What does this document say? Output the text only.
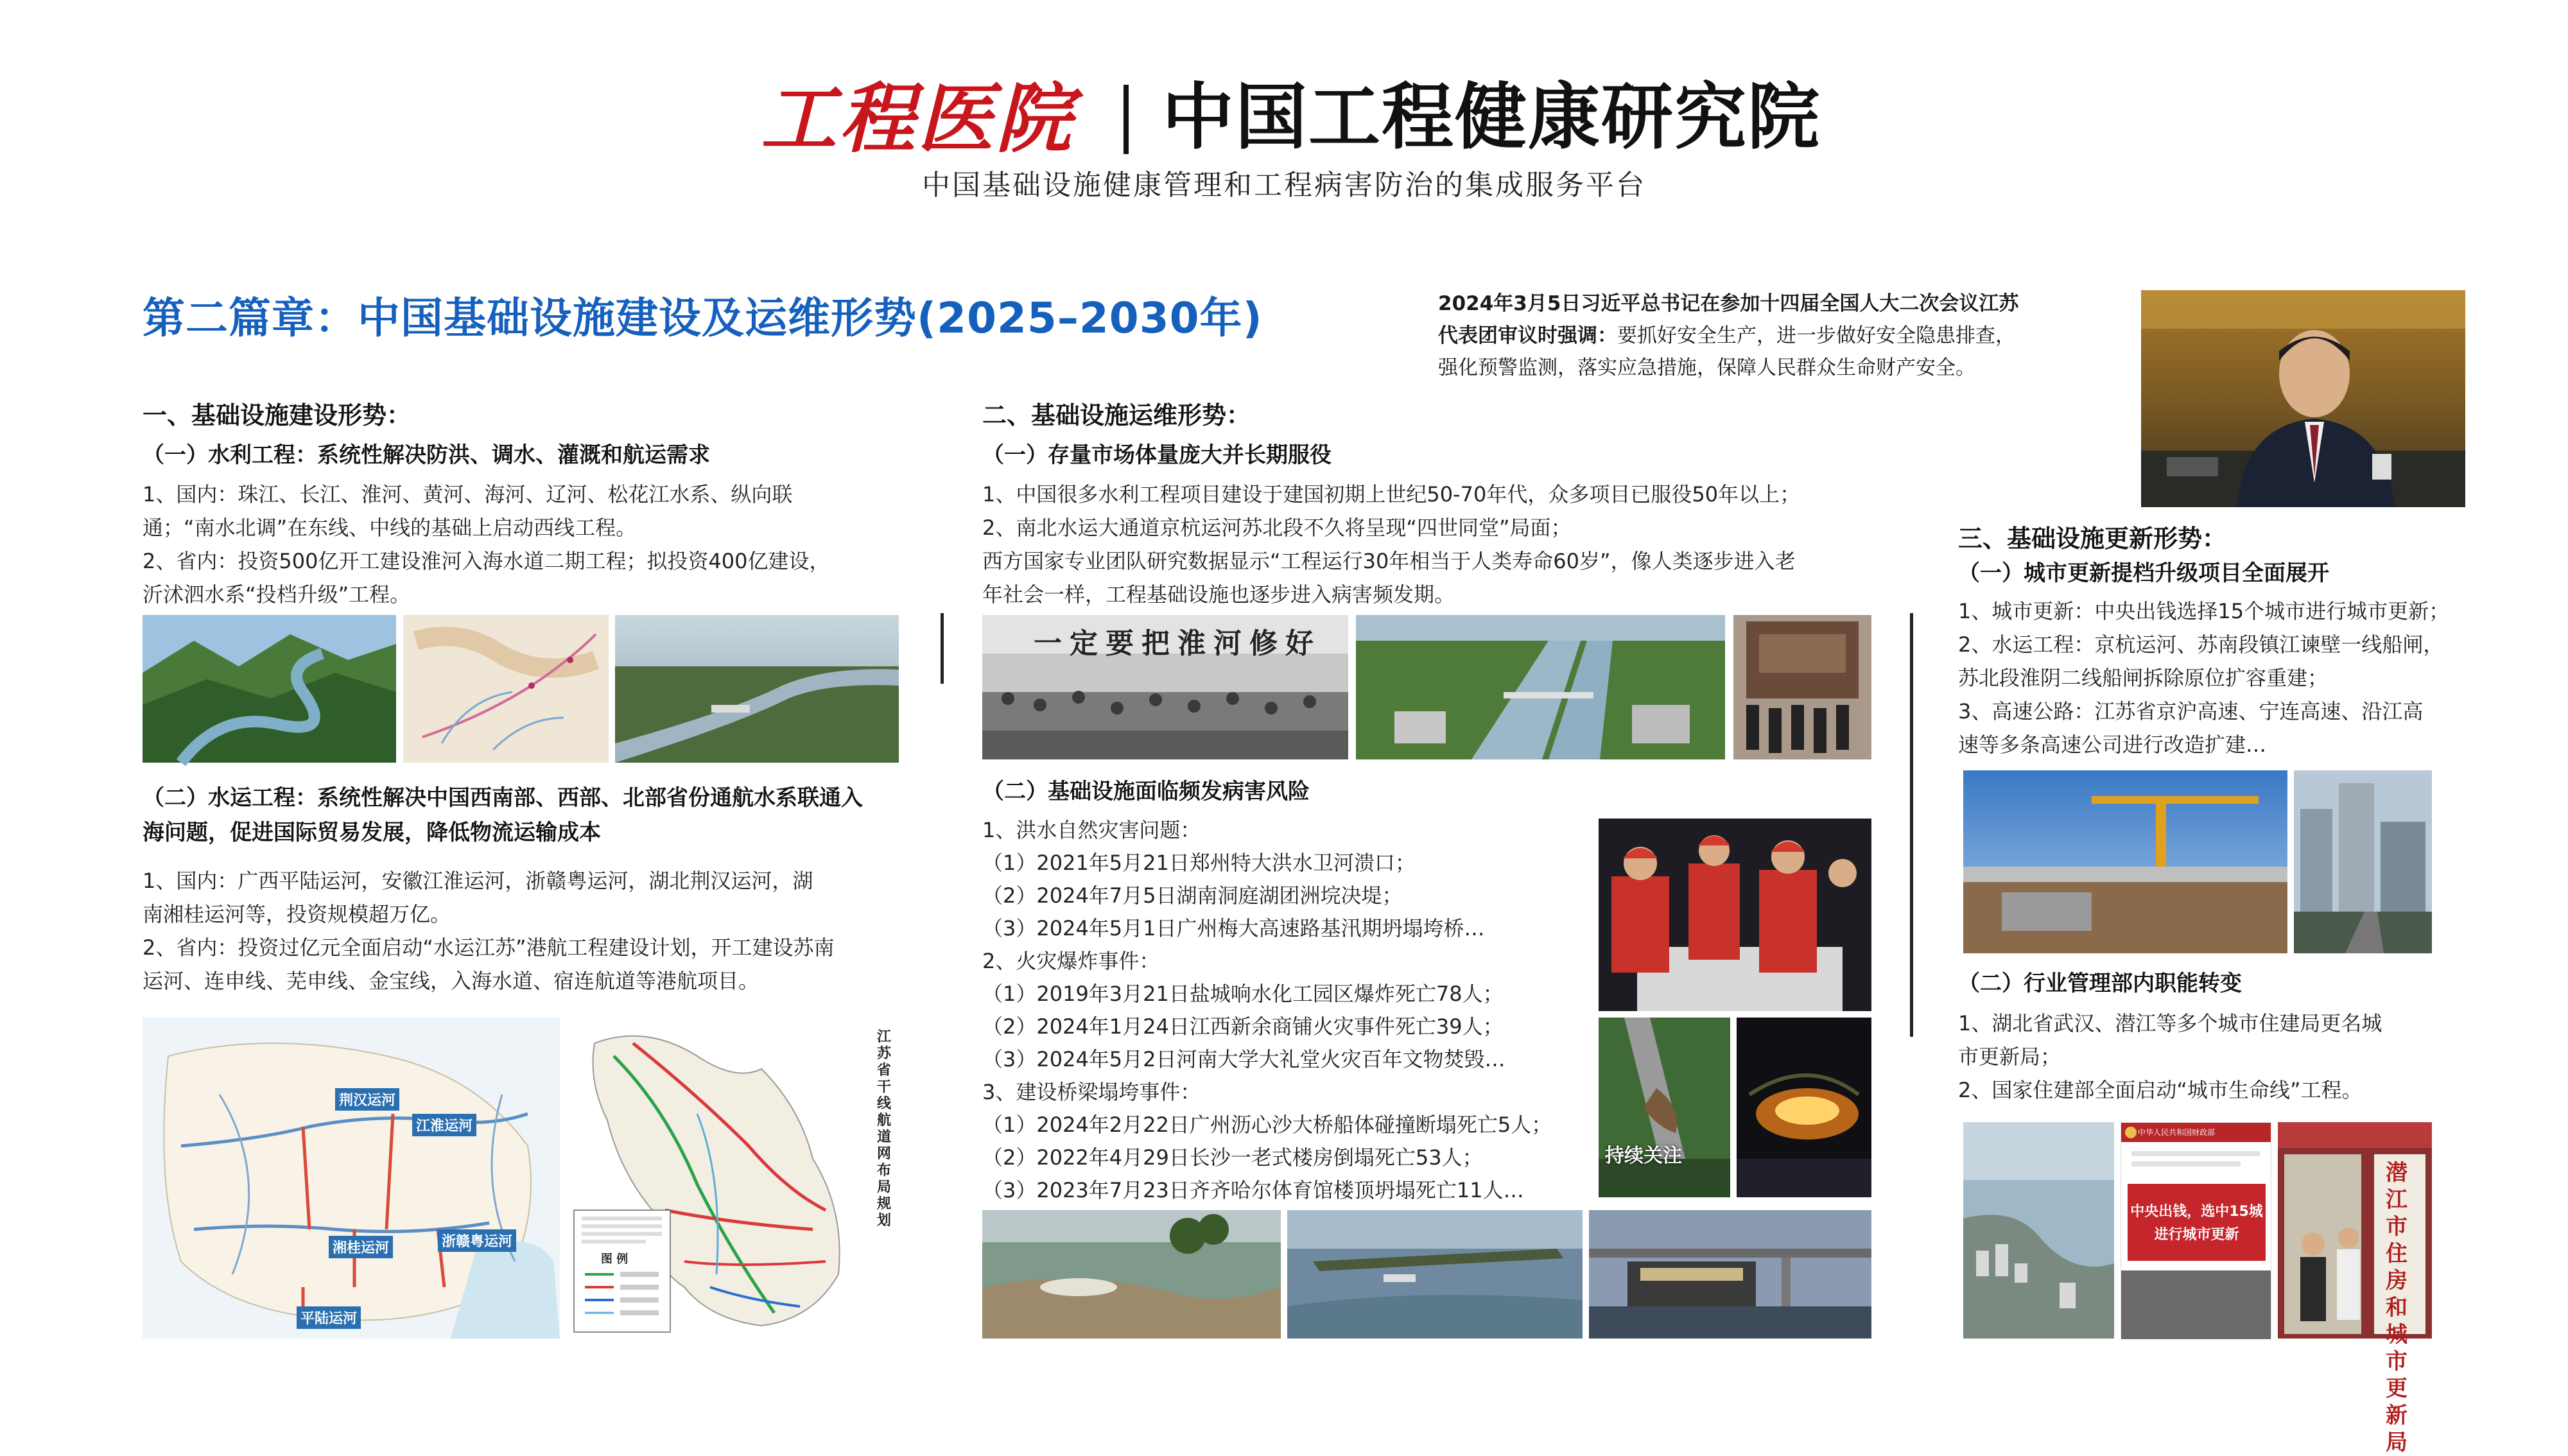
工程医院 中国工程健康研究院
中国基础设施健康管理和工程病害防治的集成服务平台
第二篇章：中国基础设施建设及运维形势(2025–2030年)	2024年3月5日习近平总书记在参加十四届全国人大二次会议江苏
代表团审议时强调：要抓好安全生产，进一步做好安全隐患排查，
强化预警监测，落实应急措施，保障人民群众生命财产安全。
一、基础设施建设形势：
（一）水利工程：系统性解决防洪、调水、灌溉和航运需求
1、国内：珠江、长江、淮河、黄河、海河、辽河、松花江水系、纵向联
通；“南水北调”在东线、中线的基础上启动西线工程。
2、省内：投资500亿开工建设淮河入海水道二期工程；拟投资400亿建设，
沂沭泗水系“投档升级”工程。
（二）水运工程：系统性解决中国西南部、西部、北部省份通航水系联通入
海问题，促进国际贸易发展，降低物流运输成本
1、国内：广西平陆运河，安徽江淮运河，浙赣粤运河，湖北荆汉运河，湖
南湘桂运河等，投资规模超万亿。
2、省内：投资过亿元全面启动“水运江苏”港航工程建设计划，开工建设苏南
运河、连申线、芜申线、金宝线，入海水道、宿连航道等港航项目。
荆汉运河
江淮运河
湘桂运河	浙赣粤运河
平陆运河
图 例
江苏省干线航道网布局规划
二、基础设施运维形势：
（一）存量市场体量庞大并长期服役
1、中国很多水利工程项目建设于建国初期上世纪50-70年代，众多项目已服役50年以上；
2、南北水运大通道京杭运河苏北段不久将呈现“四世同堂”局面；
西方国家专业团队研究数据显示“工程运行30年相当于人类寿命60岁”，像人类逐步进入老
年社会一样，工程基础设施也逐步进入病害频发期。
一定要把淮河修好
（二）基础设施面临频发病害风险
1、洪水自然灾害问题：
（1）2021年5月21日郑州特大洪水卫河溃口；
（2）2024年7月5日湖南洞庭湖团洲垸决堤；
（3）2024年5月1日广州梅大高速路基汛期坍塌垮桥…
2、火灾爆炸事件：
（1）2019年3月21日盐城响水化工园区爆炸死亡78人；
（2）2024年1月24日江西新余商铺火灾事件死亡39人；
（3）2024年5月2日河南大学大礼堂火灾百年文物焚毁…
3、建设桥梁塌垮事件：
（1）2024年2月22日广州沥心沙大桥船体碰撞断塌死亡5人；
（2）2022年4月29日长沙一老式楼房倒塌死亡53人；
（3）2023年7月23日齐齐哈尔体育馆楼顶坍塌死亡11人…
持续关注
三、基础设施更新形势：
（一）城市更新提档升级项目全面展开
1、城市更新：中央出钱选择15个城市进行城市更新；
2、水运工程：京杭运河、苏南段镇江谏壁一线船闸，
苏北段淮阴二线船闸拆除原位扩容重建；
3、高速公路：江苏省京沪高速、宁连高速、沿江高
速等多条高速公司进行改造扩建…
（二）行业管理部内职能转变
1、湖北省武汉、潜江等多个城市住建局更名城
市更新局；
2、国家住建部全面启动“城市生命线”工程。
中华人民共和国财政部
中央出钱，选中15城
进行城市更新
潜江市住房和城市更新局
